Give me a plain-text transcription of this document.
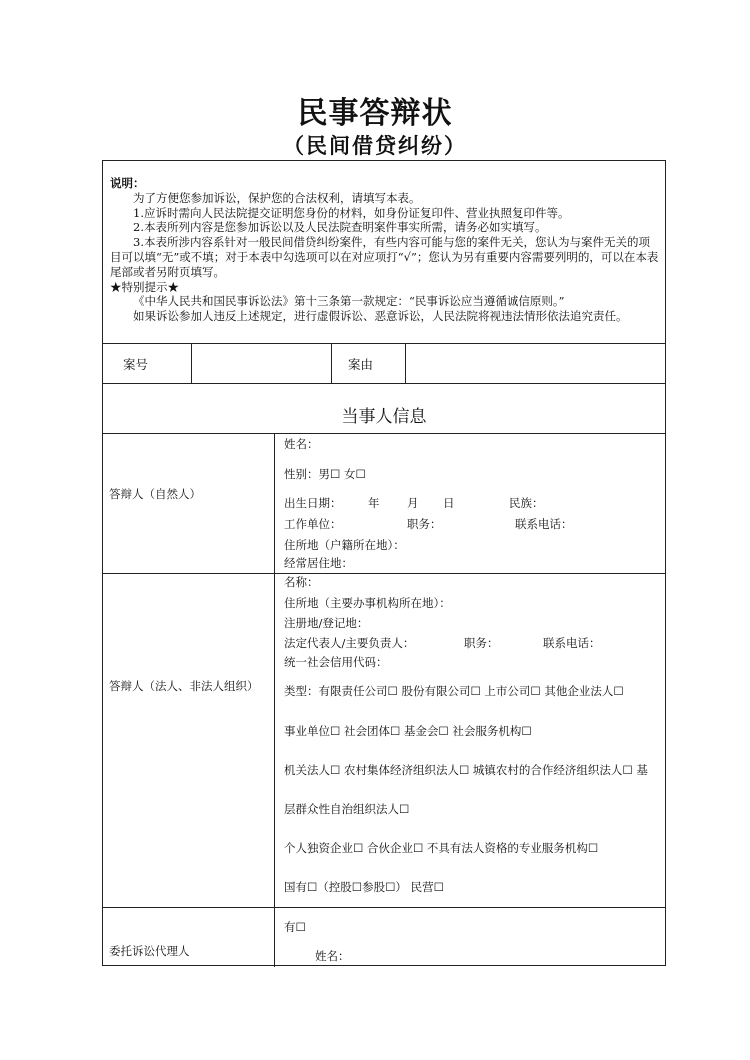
民事答辩状
（民间借贷纠纷）

说明：

为了方便您参加诉讼，保护您的合法权利，请填写本表。

1.应诉时需向人民法院提交证明您身份的材料，如身份证复印件、营业执照复印件等。

2.本表所列内容是您参加诉讼以及人民法院查明案件事实所需，请务必如实填写。

3.本表所涉内容系针对一般民间借贷纠纷案件，有些内容可能与您的案件无关，您认为与案件无关的项目可以填“无”或不填；对于本表中勾选项可以在对应项打“√”；您认为另有重要内容需要列明的，可以在本表尾部或者另附页填写。

★特别提示★

《中华人民共和国民事诉讼法》第十三条第一款规定：“民事诉讼应当遵循诚信原则。”

如果诉讼参加人违反上述规定，进行虚假诉讼、恶意诉讼，人民法院将视违法情形依法追究责任。

案号	案由
当事人信息
答辩人（自然人）
姓名：
性别：男☐ 女☐
出生日期： 年 月 日	民族：
工作单位：	职务：	联系电话：
住所地（户籍所在地）：
经常居住地：
答辩人（法人、非法人组织）
名称：
住所地（主要办事机构所在地）：
注册地/登记地：
法定代表人/主要负责人：	职务：	联系电话：
统一社会信用代码：
类型：有限责任公司☐ 股份有限公司☐ 上市公司☐ 其他企业法人☐
事业单位☐ 社会团体☐ 基金会☐ 社会服务机构☐
机关法人☐ 农村集体经济组织法人☐ 城镇农村的合作经济组织法人☐ 基
层群众性自治组织法人☐
个人独资企业☐ 合伙企业☐ 不具有法人资格的专业服务机构☐
国有☐（控股☐参股☐） 民营☐
委托诉讼代理人
有☐
姓名：
